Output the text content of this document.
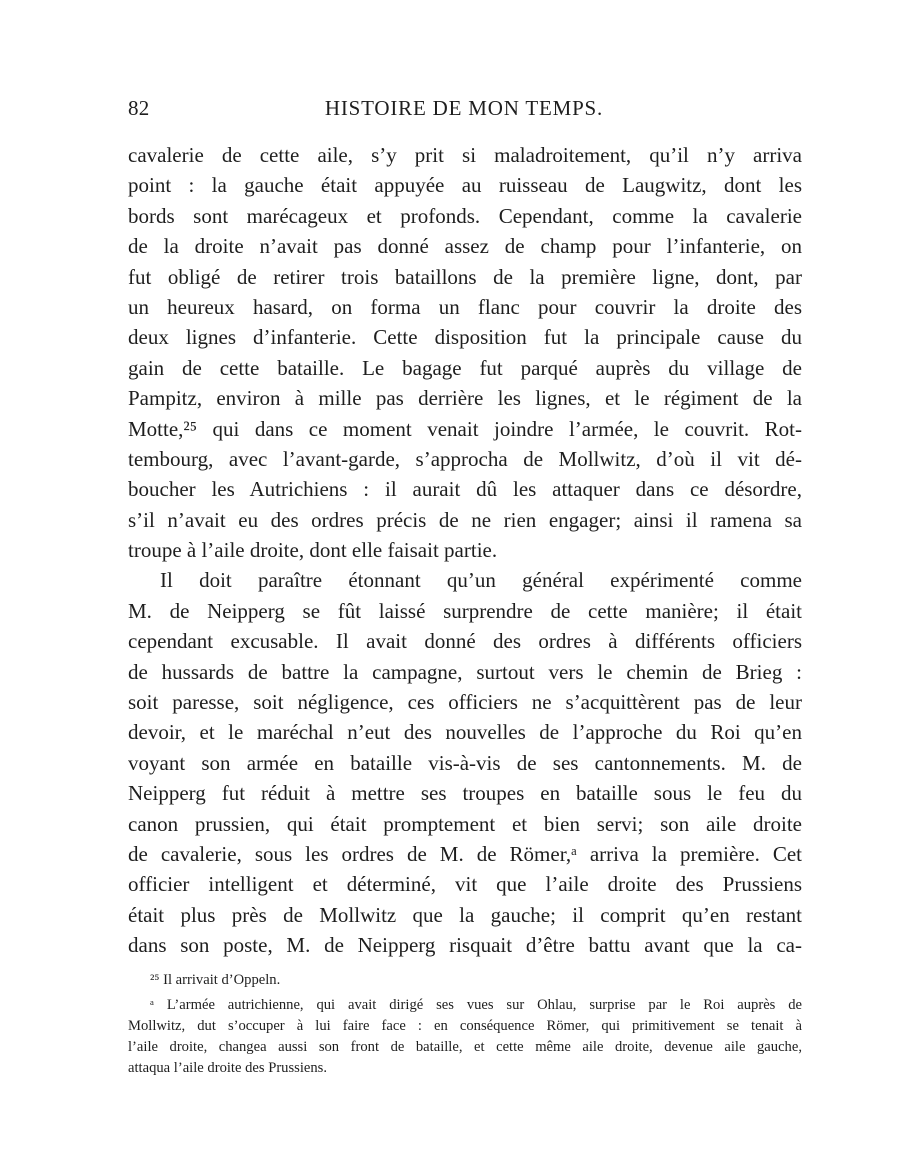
82	HISTOIRE DE MON TEMPS.
cavalerie de cette aile, s’y prit si maladroitement, qu’il n’y arriva
point : la gauche était appuyée au ruisseau de Laugwitz, dont les
bords sont marécageux et profonds. Cependant, comme la cavalerie
de la droite n’avait pas donné assez de champ pour l’infanterie, on
fut obligé de retirer trois bataillons de la première ligne, dont, par
un heureux hasard, on forma un flanc pour couvrir la droite des
deux lignes d’infanterie. Cette disposition fut la principale cause du
gain de cette bataille. Le bagage fut parqué auprès du village de
Pampitz, environ à mille pas derrière les lignes, et le régiment de la
Motte,²⁵ qui dans ce moment venait joindre l’armée, le couvrit. Rot-
tembourg, avec l’avant-garde, s’approcha de Mollwitz, d’où il vit dé-
boucher les Autrichiens : il aurait dû les attaquer dans ce désordre,
s’il n’avait eu des ordres précis de ne rien engager; ainsi il ramena sa
troupe à l’aile droite, dont elle faisait partie.
Il doit paraître étonnant qu’un général expérimenté comme
M. de Neipperg se fût laissé surprendre de cette manière; il était
cependant excusable. Il avait donné des ordres à différents officiers
de hussards de battre la campagne, surtout vers le chemin de Brieg :
soit paresse, soit négligence, ces officiers ne s’acquittèrent pas de leur
devoir, et le maréchal n’eut des nouvelles de l’approche du Roi qu’en
voyant son armée en bataille vis-à-vis de ses cantonnements. M. de
Neipperg fut réduit à mettre ses troupes en bataille sous le feu du
canon prussien, qui était promptement et bien servi; son aile droite
de cavalerie, sous les ordres de M. de Römer,ᵃ arriva la première. Cet
officier intelligent et déterminé, vit que l’aile droite des Prussiens
était plus près de Mollwitz que la gauche; il comprit qu’en restant
dans son poste, M. de Neipperg risquait d’être battu avant que la ca-
²⁵ Il arrivait d’Oppeln.
ᵃ L’armée autrichienne, qui avait dirigé ses vues sur Ohlau, surprise par le Roi auprès de
Mollwitz, dut s’occuper à lui faire face : en conséquence Römer, qui primitivement se tenait à
l’aile droite, changea aussi son front de bataille, et cette même aile droite, devenue aile gauche,
attaqua l’aile droite des Prussiens.
